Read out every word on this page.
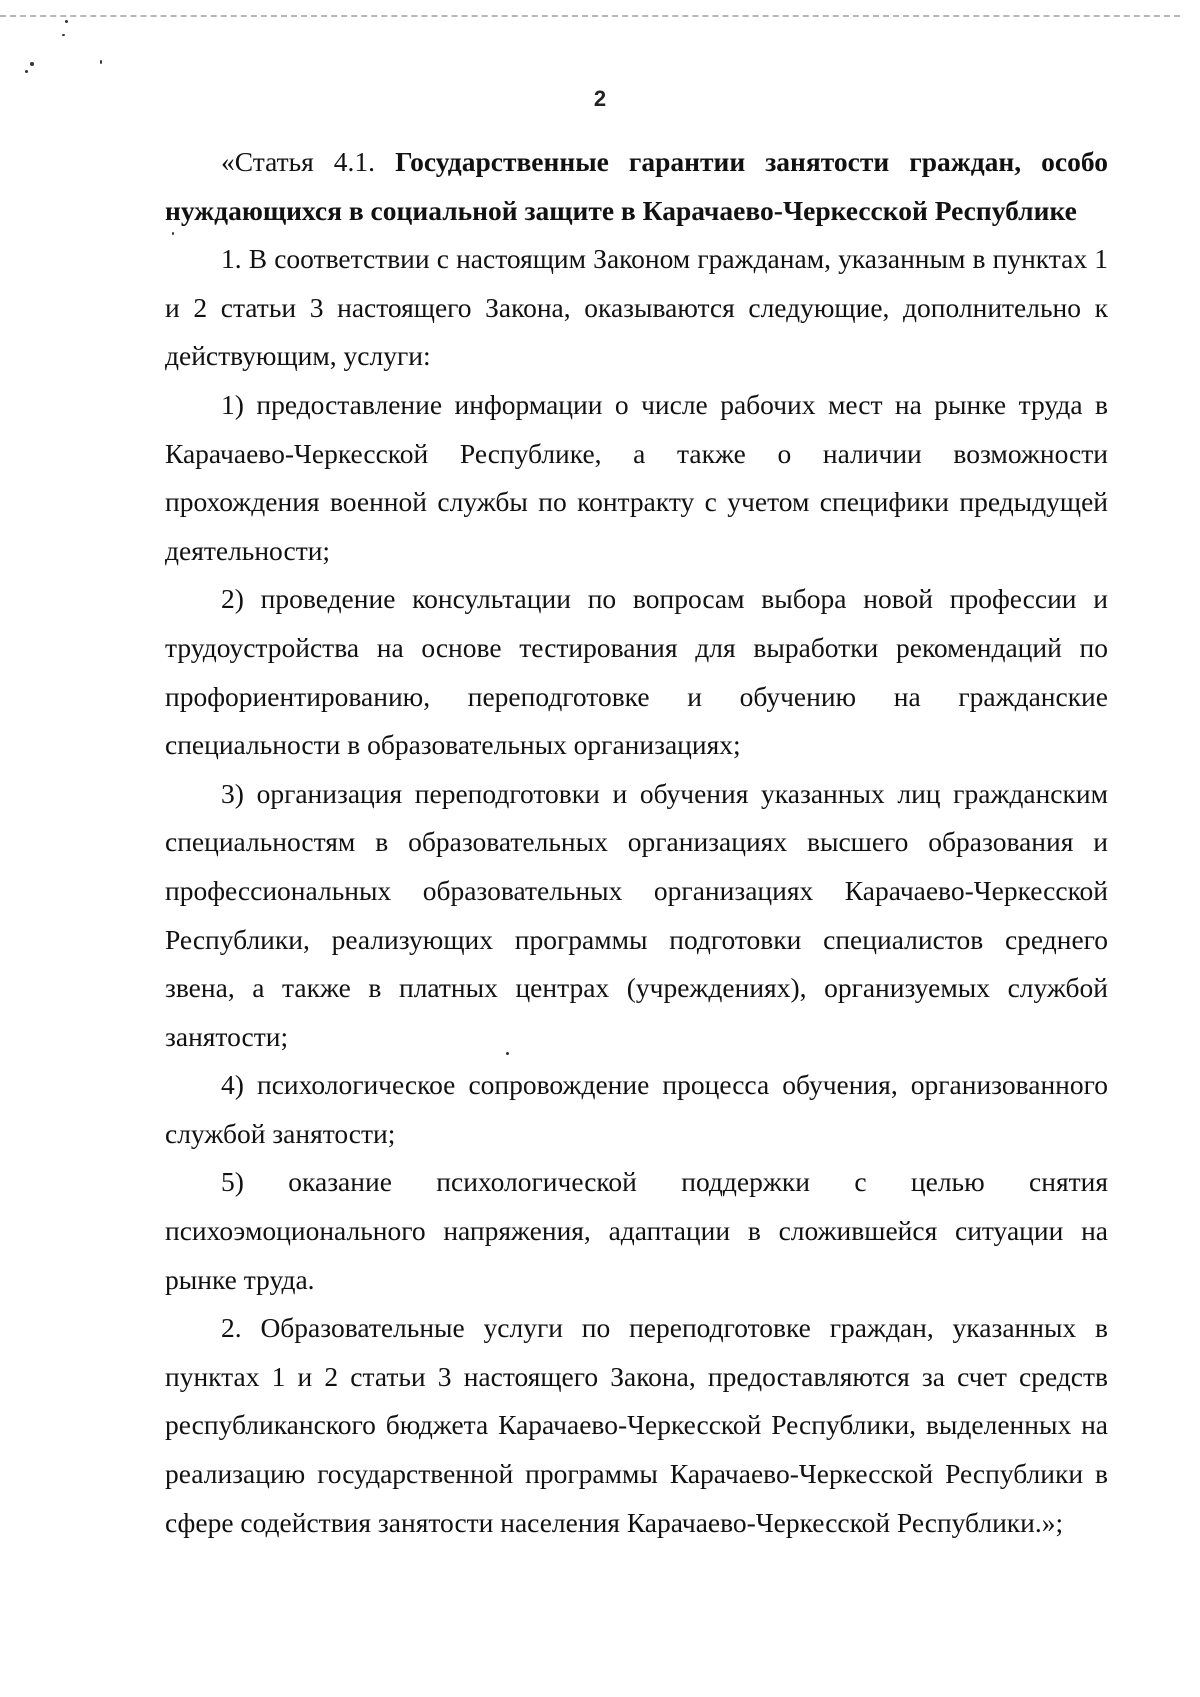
2

«Статья 4.1. Государственные гарантии занятости граждан, особо нуждающихся в социальной защите в Карачаево-Черкесской Республике

1. В соответствии с настоящим Законом гражданам, указанным в пунктах 1 и 2 статьи 3 настоящего Закона, оказываются следующие, дополнительно к действующим, услуги:

1) предоставление информации о числе рабочих мест на рынке труда в Карачаево-Черкесской Республике, а также о наличии возможности прохождения военной службы по контракту с учетом специфики предыдущей деятельности;

2) проведение консультации по вопросам выбора новой профессии и трудоустройства на основе тестирования для выработки рекомендаций по профориентированию, переподготовке и обучению на гражданские специальности в образовательных организациях;

3) организация переподготовки и обучения указанных лиц гражданским специальностям в образовательных организациях высшего образования и профессиональных образовательных организациях Карачаево-Черкесской Республики, реализующих программы подготовки специалистов среднего звена, а также в платных центрах (учреждениях), организуемых службой занятости;

4) психологическое сопровождение процесса обучения, организованного службой занятости;

5) оказание психологической поддержки с целью снятия психоэмоционального напряжения, адаптации в сложившейся ситуации на рынке труда.

2. Образовательные услуги по переподготовке граждан, указанных в пунктах 1 и 2 статьи 3 настоящего Закона, предоставляются за счет средств республиканского бюджета Карачаево-Черкесской Республики, выделенных на реализацию государственной программы Карачаево-Черкесской Республики в сфере содействия занятости населения Карачаево-Черкесской Республики.»;
